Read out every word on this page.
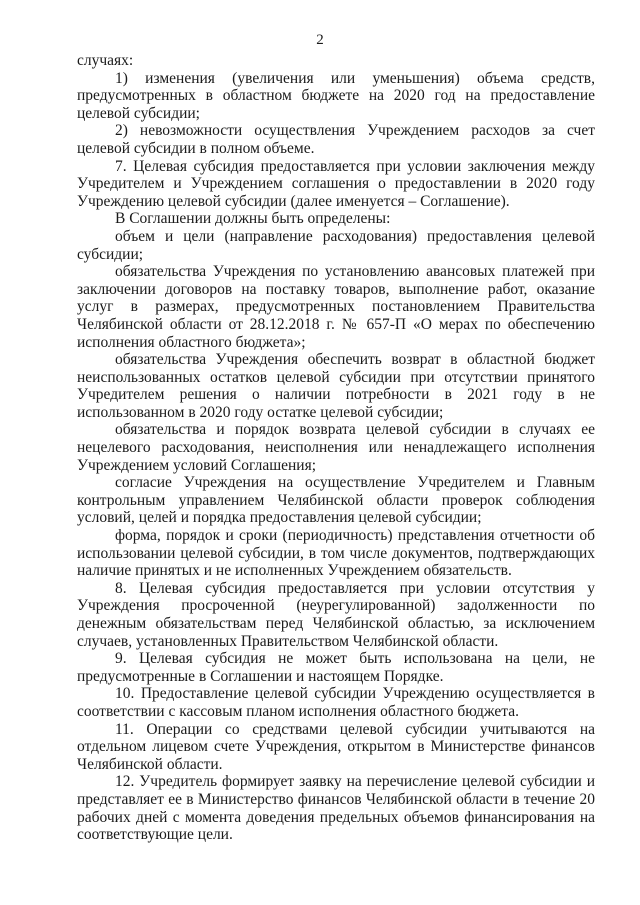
2

случаях:

1) изменения (увеличения или уменьшения) объема средств, предусмотренных в областном бюджете на 2020 год на предоставление целевой субсидии;

2) невозможности осуществления Учреждением расходов за счет целевой субсидии в полном объеме.

7. Целевая субсидия предоставляется при условии заключения между Учредителем и Учреждением соглашения о предоставлении в 2020 году Учреждению целевой субсидии (далее именуется – Соглашение).

В Соглашении должны быть определены:

объем и цели (направление расходования) предоставления целевой субсидии;

обязательства Учреждения по установлению авансовых платежей при заключении договоров на поставку товаров, выполнение работ, оказание услуг в размерах, предусмотренных постановлением Правительства Челябинской области от 28.12.2018 г. № 657-П «О мерах по обеспечению исполнения областного бюджета»;

обязательства Учреждения обеспечить возврат в областной бюджет неиспользованных остатков целевой субсидии при отсутствии принятого Учредителем решения о наличии потребности в 2021 году в не использованном в 2020 году остатке целевой субсидии;

обязательства и порядок возврата целевой субсидии в случаях ее нецелевого расходования, неисполнения или ненадлежащего исполнения Учреждением условий Соглашения;

согласие Учреждения на осуществление Учредителем и Главным контрольным управлением Челябинской области проверок соблюдения условий, целей и порядка предоставления целевой субсидии;

форма, порядок и сроки (периодичность) представления отчетности об использовании целевой субсидии, в том числе документов, подтверждающих наличие принятых и не исполненных Учреждением обязательств.

8. Целевая субсидия предоставляется при условии отсутствия у Учреждения просроченной (неурегулированной) задолженности по денежным обязательствам перед Челябинской областью, за исключением случаев, установленных Правительством Челябинской области.

9. Целевая субсидия не может быть использована на цели, не предусмотренные в Соглашении и настоящем Порядке.

10. Предоставление целевой субсидии Учреждению осуществляется в соответствии с кассовым планом исполнения областного бюджета.

11. Операции со средствами целевой субсидии учитываются на отдельном лицевом счете Учреждения, открытом в Министерстве финансов Челябинской области.

12. Учредитель формирует заявку на перечисление целевой субсидии и представляет ее в Министерство финансов Челябинской области в течение 20 рабочих дней с момента доведения предельных объемов финансирования на соответствующие цели.
